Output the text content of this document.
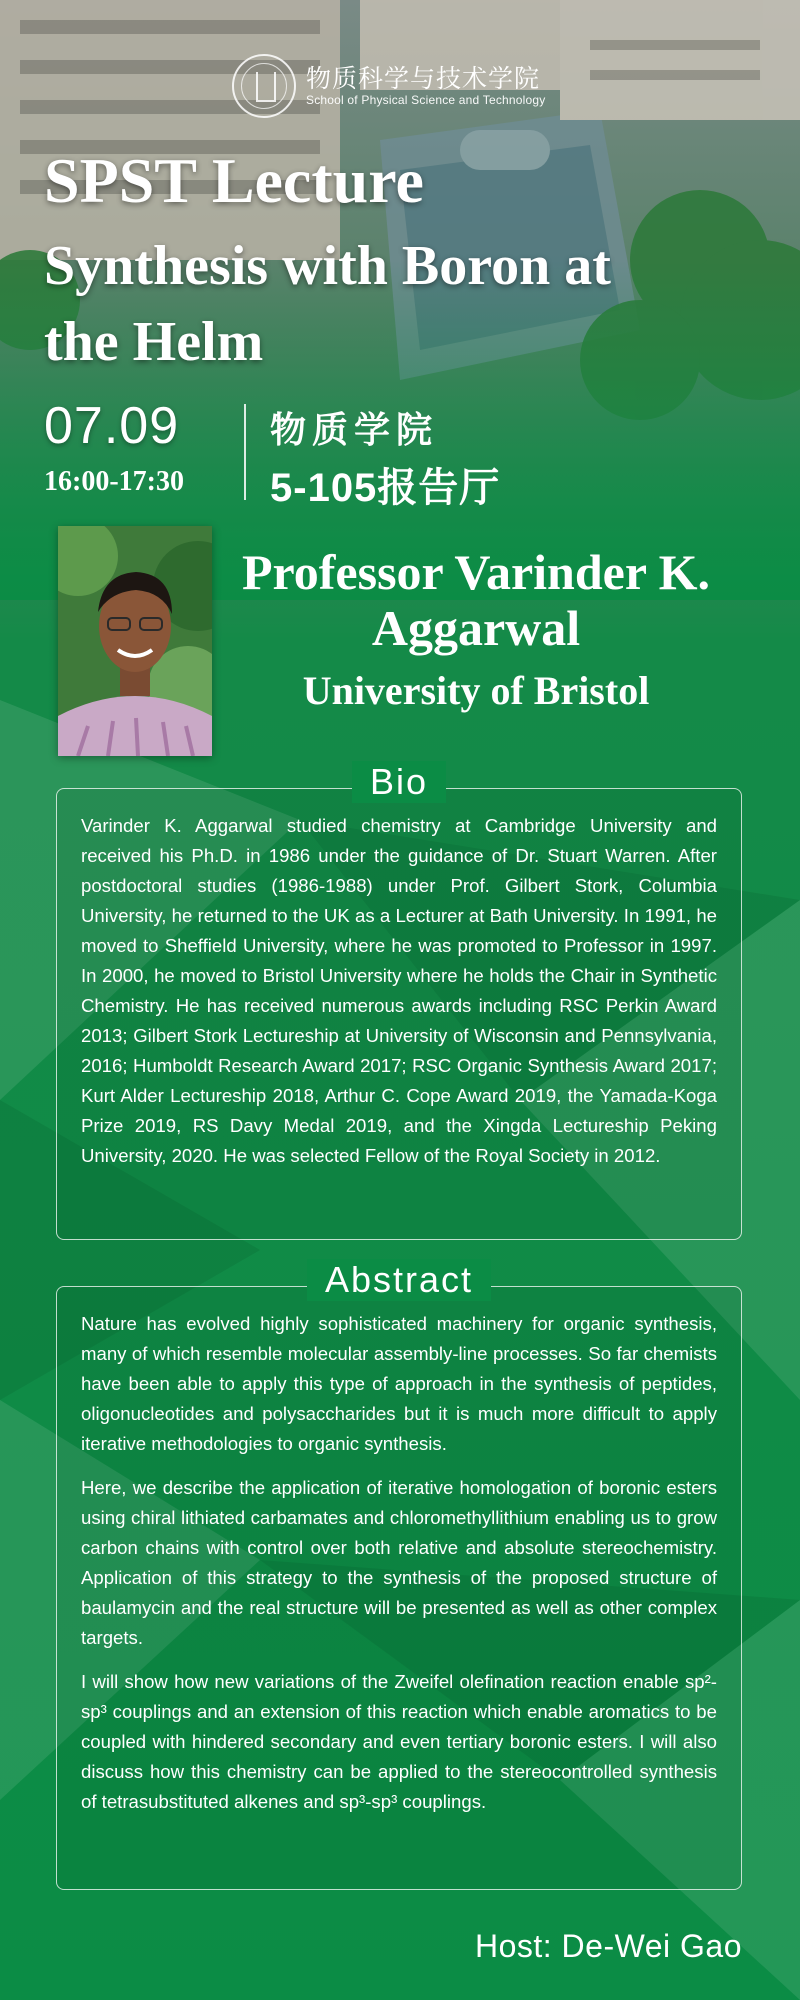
物质科学与技术学院
School of Physical Science and Technology
SPST Lecture
Synthesis with Boron at the Helm
07.09
16:00-17:30
物质学院
5-105报告厅
Professor Varinder K. Aggarwal
University of Bristol
Bio

Varinder K. Aggarwal studied chemistry at Cambridge University and received his Ph.D. in 1986 under the guidance of Dr. Stuart Warren. After postdoctoral studies (1986-1988) under Prof. Gilbert Stork, Columbia University, he returned to the UK as a Lecturer at Bath University. In 1991, he moved to Sheffield University, where he was promoted to Professor in 1997. In 2000, he moved to Bristol University where he holds the Chair in Synthetic Chemistry. He has received numerous awards including RSC Perkin Award 2013; Gilbert Stork Lectureship at University of Wisconsin and Pennsylvania, 2016; Humboldt Research Award 2017; RSC Organic Synthesis Award 2017; Kurt Alder Lectureship 2018, Arthur C. Cope Award 2019, the Yamada-Koga Prize 2019, RS Davy Medal 2019, and the Xingda Lectureship Peking University, 2020. He was selected Fellow of the Royal Society in 2012.

Abstract

Nature has evolved highly sophisticated machinery for organic synthesis, many of which resemble molecular assembly-line processes. So far chemists have been able to apply this type of approach in the synthesis of peptides, oligonucleotides and polysaccharides but it is much more difficult to apply iterative methodologies to organic synthesis.

Here, we describe the application of iterative homologation of boronic esters using chiral lithiated carbamates and chloromethyllithium enabling us to grow carbon chains with control over both relative and absolute stereochemistry. Application of this strategy to the synthesis of the proposed structure of baulamycin and the real structure will be presented as well as other complex targets.

I will show how new variations of the Zweifel olefination reaction enable sp²-sp³ couplings and an extension of this reaction which enable aromatics to be coupled with hindered secondary and even tertiary boronic esters. I will also discuss how this chemistry can be applied to the stereocontrolled synthesis of tetrasubstituted alkenes and sp³-sp³ couplings.

Host: De-Wei Gao
